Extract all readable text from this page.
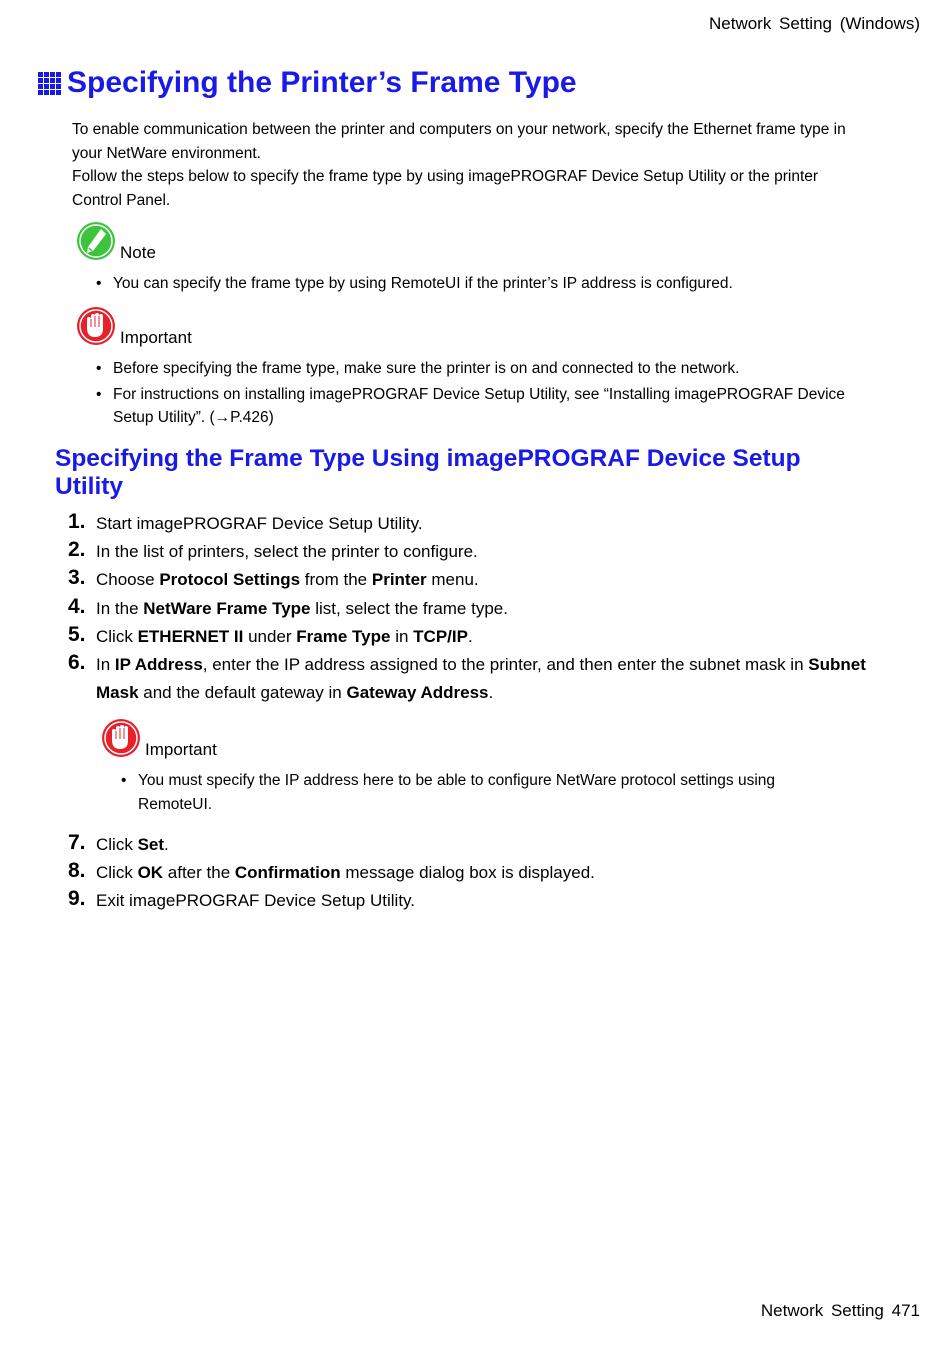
Network Setting (Windows)
Specifying the Printer’s Frame Type

To enable communication between the printer and computers on your network, specify the Ethernet frame type in your NetWare environment.

Follow the steps below to specify the frame type by using imagePROGRAF Device Setup Utility or the printer Control Panel.

Note
• You can specify the frame type by using RemoteUI if the printer’s IP address is configured.
Important
• Before specifying the frame type, make sure the printer is on and connected to the network.
• For instructions on installing imagePROGRAF Device Setup Utility, see “Installing imagePROGRAF Device Setup Utility”. (→P.426)
Specifying the Frame Type Using imagePROGRAF Device Setup Utility
1. Start imagePROGRAF Device Setup Utility.
2. In the list of printers, select the printer to configure.
3. Choose Protocol Settings from the Printer menu.
4. In the NetWare Frame Type list, select the frame type.
5. Click ETHERNET II under Frame Type in TCP/IP.
6. In IP Address, enter the IP address assigned to the printer, and then enter the subnet mask in Subnet Mask and the default gateway in Gateway Address.
Important
• You must specify the IP address here to be able to configure NetWare protocol settings using RemoteUI.
7. Click Set.
8. Click OK after the Confirmation message dialog box is displayed.
9. Exit imagePROGRAF Device Setup Utility.
Network Setting 471
